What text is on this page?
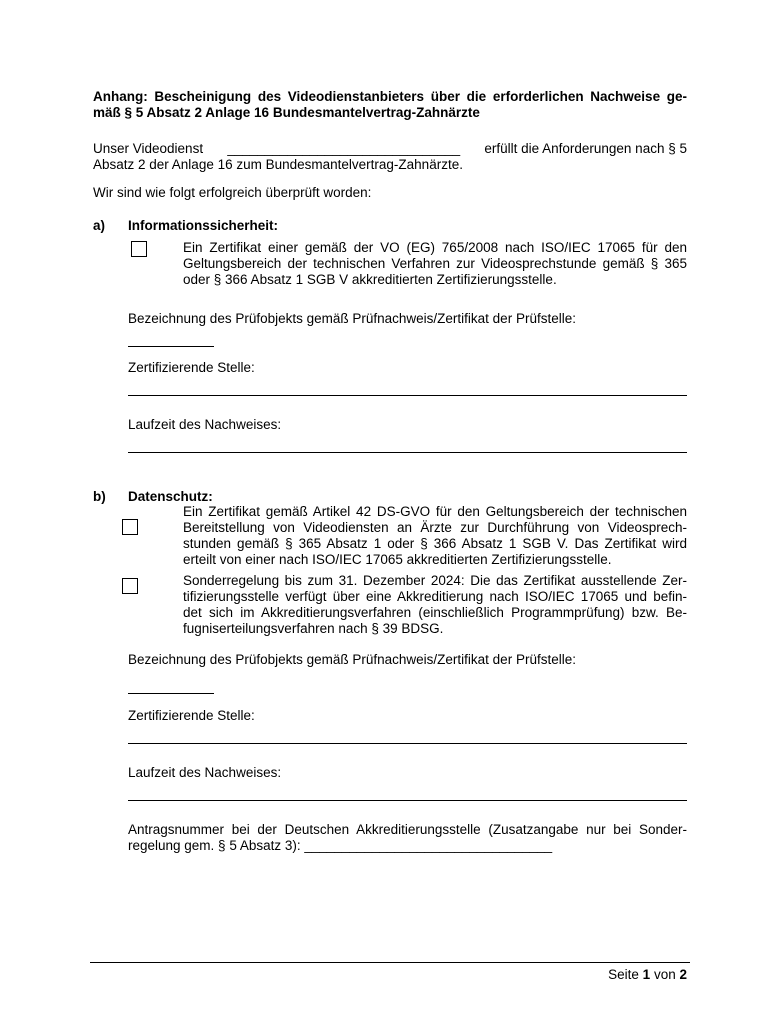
Anhang: Bescheinigung des Videodienstanbieters über die erforderlichen Nachweise ge-
mäß § 5 Absatz 2 Anlage 16 Bundesmantelvertrag-Zahnärzte
Unser Videodienst _______________________________ erfüllt die Anforderungen nach § 5
Absatz 2 der Anlage 16 zum Bundesmantelvertrag-Zahnärzte.
Wir sind wie folgt erfolgreich überprüft worden:
a) Informationssicherheit:
Ein Zertifikat einer gemäß der VO (EG) 765/2008 nach ISO/IEC 17065 für den
Geltungsbereich der technischen Verfahren zur Videosprechstunde gemäß § 365
oder § 366 Absatz 1 SGB V akkreditierten Zertifizierungsstelle.
Bezeichnung des Prüfobjekts gemäß Prüfnachweis/Zertifikat der Prüfstelle:
Zertifizierende Stelle:
Laufzeit des Nachweises:
b) Datenschutz:
Ein Zertifikat gemäß Artikel 42 DS-GVO für den Geltungsbereich der technischen
Bereitstellung von Videodiensten an Ärzte zur Durchführung von Videosprech-
stunden gemäß § 365 Absatz 1 oder § 366 Absatz 1 SGB V. Das Zertifikat wird
erteilt von einer nach ISO/IEC 17065 akkreditierten Zertifizierungsstelle.
Sonderregelung bis zum 31. Dezember 2024: Die das Zertifikat ausstellende Zer-
tifizierungsstelle verfügt über eine Akkreditierung nach ISO/IEC 17065 und befin-
det sich im Akkreditierungsverfahren (einschließlich Programmprüfung) bzw. Be-
fugniserteilungsverfahren nach § 39 BDSG.
Bezeichnung des Prüfobjekts gemäß Prüfnachweis/Zertifikat der Prüfstelle:
Zertifizierende Stelle:
Laufzeit des Nachweises:
Antragsnummer bei der Deutschen Akkreditierungsstelle (Zusatzangabe nur bei Sonder-
regelung gem. § 5 Absatz 3): _________________________________
Seite 1 von 2
